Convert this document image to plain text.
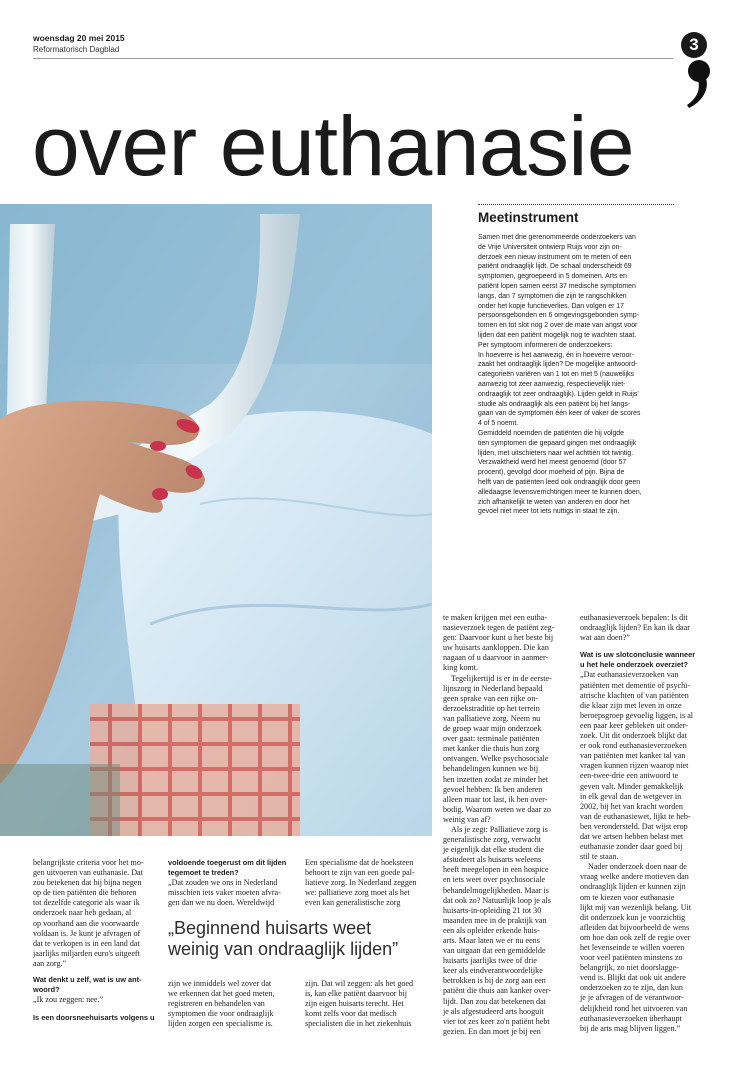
woensdag 20 mei 2015
Reformatorisch Dagblad	3
over euthanasie
Meetinstrument
Samen met drie gerenommeerde onderzoekers van
de Vrije Universiteit ontwierp Ruijs voor zijn on-
derzoek een nieuw instrument om te meten of een
patiënt ondraaglijk lijdt. De schaal onderscheidt 69
symptomen, gegroepeerd in 5 domeinen. Arts en
patiënt lopen samen eerst 37 medische symptomen
langs, dan 7 symptomen die zijn te rangschikken
onder het kopje functieverlies. Dan volgen er 17
persoonsgebonden en 6 omgevingsgebonden symp-
tomen en tot slot nog 2 over de mate van angst voor
lijden dat een patiënt mogelijk nog te wachten staat.
Per symptoom informeren de onderzoekers:
In hoeverre is het aanwezig, én in hoeverre veroor-
zaakt het ondraaglijk lijden? De mogelijke antwoord-
categorieën variëren van 1 tot en met 5 (nauwelijks
aanwezig tot zeer aanwezig, respectievelijk niet-
ondraaglijk tot zeer ondraaglijk). Lijden geldt in Ruijs'
studie als ondraaglijk als een patiënt bij het langs-
gaan van de symptomen één keer of vaker de scores
4 of 5 noemt.
Gemiddeld noemden de patiënten die hij volgde
tien symptomen die gepaard gingen met ondraaglijk
lijden, met uitschieters naar wel achttien tot twintig.
Verzwaktheid werd het meest genoemd (door 57
procent), gevolgd door moeheid of pijn. Bijna de
helft van de patiënten leed ook ondraaglijk door geen
alledaagse levensverrichtingen meer te kunnen doen,
zich afhankelijk te weten van anderen en door het
gevoel niet meer tot iets nuttigs in staat te zijn.

belangrijkste criteria voor het mo-
gen uitvoeren van euthanasie. Dat
zou betekenen dat bij bijna negen
op de tien patiënten die behoren
tot dezelfde categorie als waar ik
onderzoek naar heb gedaan, al
op voorhand aan die voorwaarde
voldaan is. Je kunt je afvragen of
dat te verkopen is in een land dat
jaarlijks miljarden euro's uitgeeft
aan zorg.”

Wat denkt u zelf, wat is uw ant-
woord?

„Ik zou zeggen: nee.”

Is een doorsneehuisarts volgens u
voldoende toegerust om dit lijden
tegemoet te treden?

„Dat zouden we ons in Nederland
misschien iets vaker moeten afvra-
gen dan we nu doen. Wereldwijd

zijn we inmiddels wel zover dat
we erkennen dat het goed meten,
registreren en behandelen van
symptomen die voor ondraaglijk
lijden zorgen een specialisme is.

Een specialisme dat de hoeksteen
behoort te zijn van een goede pal-
liatieve zorg. In Nederland zeggen
we: palliatieve zorg moet als het
even kan generalistische zorg

zijn. Dat wil zeggen: als het goed
is, kan elke patiënt daarvoor bij
zijn eigen huisarts terecht. Het
komt zelfs voor dat medisch
specialisten die in het ziekenhuis

„Beginnend huisarts weet
weinig van ondraaglijk lijden”

te maken krijgen met een eutha-
nasieverzoek tegen de patiënt zeg-
gen: Daarvoor kunt u het beste bij
uw huisarts aankloppen. Die kan
nagaan of u daarvoor in aanmer-
king komt.

Tegelijkertijd is er in de eerste-
lijnszorg in Nederland bepaald
geen sprake van een rijke on-
derzoekstraditie op het terrein
van palliatieve zorg. Neem nu
de groep waar mijn onderzoek
over gaat: terminale patiënten
met kanker die thuis hun zorg
ontvangen. Welke psychosociale
behandelingen kunnen we bij
hen inzetten zodat ze minder het
gevoel hebben: Ik ben anderen
alleen maar tot last, ik ben over-
bodig. Waarom weten we daar zo
weinig van af?

Als je zegt: Palliatieve zorg is
generalistische zorg, verwacht
je eigenlijk dat elke student die
afstudeert als huisarts weleens
heeft meegelopen in een hospice
en iets weet over psychosociale
behandelmogelijkheden. Maar is
dat ook zo? Natuurlijk loop je als
huisarts-in-opleiding 21 tot 30
maanden mee in de praktijk van
een als opleider erkende huis-
arts. Maar laten we er nu eens
van uitgaan dat een gemiddelde
huisarts jaarlijks twee of drie
keer als eindverantwoordelijke
betrokken is bij de zorg aan een
patiënt die thuis aan kanker over-
lijdt. Dan zou dat betekenen dat
je als afgestudeerd arts hooguit
vier tot zes keer zo'n patiënt hebt
gezien. En dan moet je bij een

euthanasieverzoek bepalen: Is dit
ondraaglijk lijden? En kan ik daar
wat aan doen?”

Wat is uw slotconclusie wanneer
u het hele onderzoek overziet?

„Dat euthanasieverzoeken van
patiënten met dementie of psychi-
atrische klachten of van patiënten
die klaar zijn met leven in onze
beroepsgroep gevoelig liggen, is al
een paar keer gebleken uit onder-
zoek. Uit dit onderzoek blijkt dat
er ook rond euthanasieverzoeken
van patiënten met kanker tal van
vragen kunnen rijzen waarop niet
een-twee-drie een antwoord te
geven valt. Minder gemakkelijk
in elk geval dan de wetgever in
2002, bij het van kracht worden
van de euthanasiewet, lijkt te heb-
ben verondersteld. Dat wijst erop
dat we artsen hebben belast met
euthanasie zonder daar goed bij
stil te staan.

Nader onderzoek doen naar de
vraag welke andere motieven dan
ondraaglijk lijden er kunnen zijn
om te kiezen voor euthanasie
lijkt mij van wezenlijk belang. Uit
dit onderzoek kun je voorzichtig
afleiden dat bijvoorbeeld de wens
om hoe dan ook zelf de regie over
het levenseinde te willen voeren
voor veel patiënten minstens zo
belangrijk, zo niet doorslagge-
vend is. Blijkt dat ook uit andere
onderzoeken zo te zijn, dan kun
je je afvragen of de verantwoor-
delijkheid rond het uitvoeren van
euthanasieverzoeken überhaupt
bij de arts mag blijven liggen.”
